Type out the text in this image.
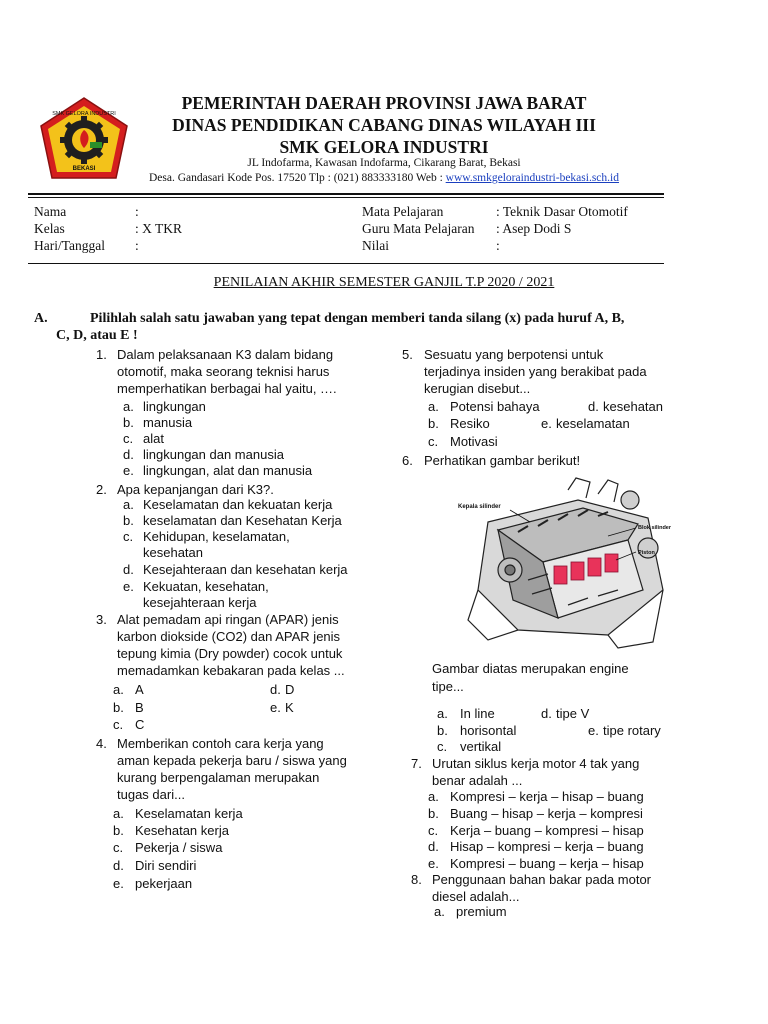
SMK GELORA INDUSTRI
BEKASI
PEMERINTAH DAERAH PROVINSI JAWA BARAT
DINAS PENDIDIKAN CABANG DINAS WILAYAH III
SMK GELORA INDUSTRI
JL Indofarma, Kawasan Indofarma, Cikarang Barat, Bekasi
Desa. Gandasari Kode Pos. 17520 Tlp : (021) 883333180 Web : www.smkgeloraindustri-bekasi.sch.id
Nama	:
Kelas	: X TKR
Hari/Tanggal :
Mata Pelajaran	: Teknik Dasar Otomotif
Guru Mata Pelajaran : Asep Dodi S
Nilai	:
PENILAIAN AKHIR SEMESTER GANJIL T.P 2020 / 2021
A.	Pilihlah salah satu jawaban yang tepat dengan memberi tanda silang (x) pada huruf A, B,
C, D, atau E !
1. Dalam pelaksanaan K3 dalam bidang
otomotif, maka seorang teknisi harus
memperhatikan berbagai hal yaitu, ….
a. lingkungan
b. manusia
c. alat
d. lingkungan dan manusia
e. lingkungan, alat dan manusia
2. Apa kepanjangan dari K3?.
a. Keselamatan dan kekuatan kerja
b. keselamatan dan Kesehatan Kerja
c. Kehidupan, keselamatan,
kesehatan
d. Kesejahteraan dan kesehatan kerja
e. Kekuatan, kesehatan,
kesejahteraan kerja
3. Alat pemadam api ringan (APAR) jenis
karbon diokside (CO2) dan APAR jenis
tepung kimia (Dry powder) cocok untuk
memadamkan kebakaran pada kelas ...
a. A	d. D
b. B	e. K
c. C
4. Memberikan contoh cara kerja yang
aman kepada pekerja baru / siswa yang
kurang berpengalaman merupakan
tugas dari...
a. Keselamatan kerja
b. Kesehatan kerja
c. Pekerja / siswa
d. Diri sendiri
e. pekerjaan
5. Sesuatu yang berpotensi untuk
terjadinya insiden yang berakibat pada
kerugian disebut...
a. Potensi bahaya	d. kesehatan
b. Resiko	e. keselamatan
c. Motivasi
6. Perhatikan gambar berikut!
Kepala silinder
Blok silinder
Piston
Gambar diatas merupakan engine
tipe...
a. In line	d. tipe V
b. horisontal	e. tipe rotary
c. vertikal
7. Urutan siklus kerja motor 4 tak yang
benar adalah ...
a. Kompresi – kerja – hisap – buang
b. Buang – hisap – kerja – kompresi
c. Kerja – buang – kompresi – hisap
d. Hisap – kompresi – kerja – buang
e. Kompresi – buang – kerja – hisap
8. Penggunaan bahan bakar pada motor
diesel adalah...
a. premium
